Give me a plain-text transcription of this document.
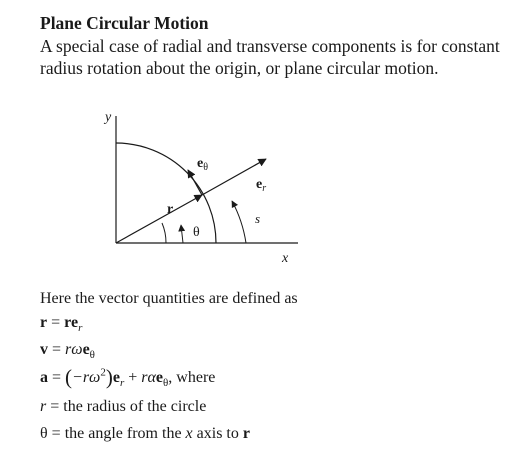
Plane Circular Motion
A special case of radial and transverse components is for constant radius rotation about the origin, or plane circular motion.
y
x
r
$e_\theta$
$e_r$
θ
s
Here the vector quantities are defined as
$r = re_r$
v = rωe$_\theta$
$a = (-r\omega^2)e_r + r\alpha e_\theta$, where
r = the radius of the circle
θ = the angle from the x axis to r
